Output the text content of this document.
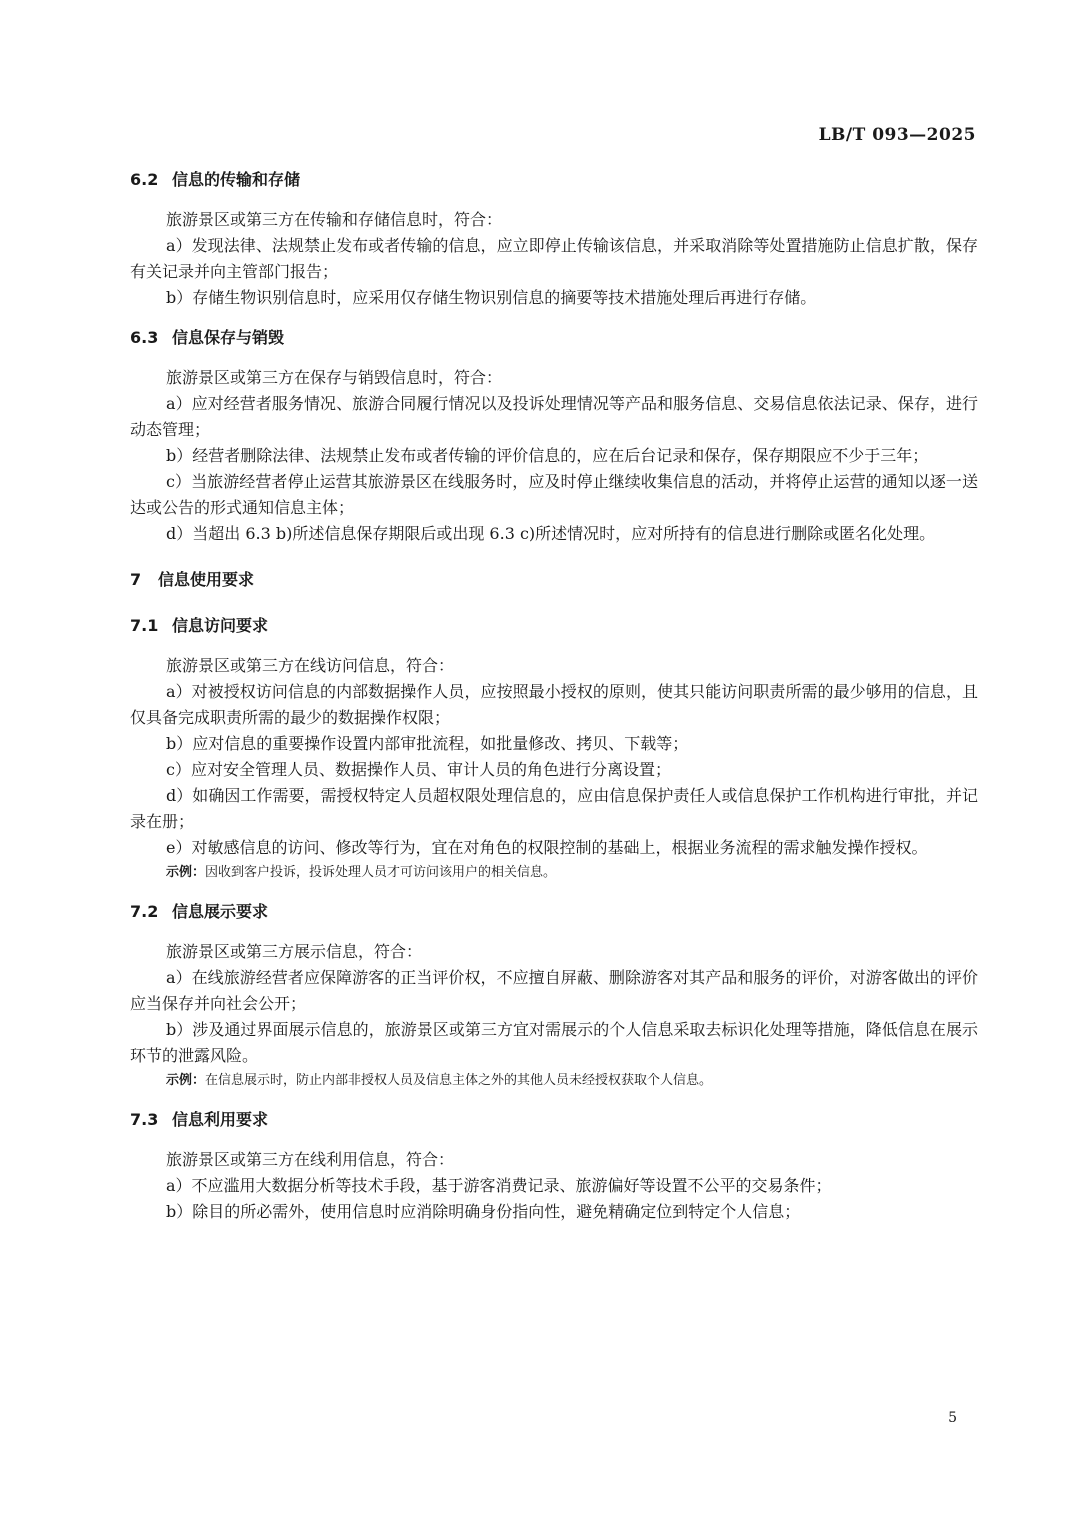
LB/T 093—2025
6.2 信息的传输和存储

旅游景区或第三方在传输和存储信息时，符合：

a）发现法律、法规禁止发布或者传输的信息，应立即停止传输该信息，并采取消除等处置措施防止信息扩散，保存有关记录并向主管部门报告；

b）存储生物识别信息时，应采用仅存储生物识别信息的摘要等技术措施处理后再进行存储。

6.3 信息保存与销毁

旅游景区或第三方在保存与销毁信息时，符合：

a）应对经营者服务情况、旅游合同履行情况以及投诉处理情况等产品和服务信息、交易信息依法记录、保存，进行动态管理；

b）经营者删除法律、法规禁止发布或者传输的评价信息的，应在后台记录和保存，保存期限应不少于三年；

c）当旅游经营者停止运营其旅游景区在线服务时，应及时停止继续收集信息的活动，并将停止运营的通知以逐一送达或公告的形式通知信息主体；

d）当超出 6.3 b)所述信息保存期限后或出现 6.3 c)所述情况时，应对所持有的信息进行删除或匿名化处理。

7 信息使用要求
7.1 信息访问要求

旅游景区或第三方在线访问信息，符合：

a）对被授权访问信息的内部数据操作人员，应按照最小授权的原则，使其只能访问职责所需的最少够用的信息，且仅具备完成职责所需的最少的数据操作权限；

b）应对信息的重要操作设置内部审批流程，如批量修改、拷贝、下载等；

c）应对安全管理人员、数据操作人员、审计人员的角色进行分离设置；

d）如确因工作需要，需授权特定人员超权限处理信息的，应由信息保护责任人或信息保护工作机构进行审批，并记录在册；

e）对敏感信息的访问、修改等行为，宜在对角色的权限控制的基础上，根据业务流程的需求触发操作授权。

示例：因收到客户投诉，投诉处理人员才可访问该用户的相关信息。

7.2 信息展示要求

旅游景区或第三方展示信息，符合：

a）在线旅游经营者应保障游客的正当评价权，不应擅自屏蔽、删除游客对其产品和服务的评价，对游客做出的评价应当保存并向社会公开；

b）涉及通过界面展示信息的，旅游景区或第三方宜对需展示的个人信息采取去标识化处理等措施，降低信息在展示环节的泄露风险。

示例：在信息展示时，防止内部非授权人员及信息主体之外的其他人员未经授权获取个人信息。

7.3 信息利用要求

旅游景区或第三方在线利用信息，符合：

a）不应滥用大数据分析等技术手段，基于游客消费记录、旅游偏好等设置不公平的交易条件；

b）除目的所必需外，使用信息时应消除明确身份指向性，避免精确定位到特定个人信息；

5
